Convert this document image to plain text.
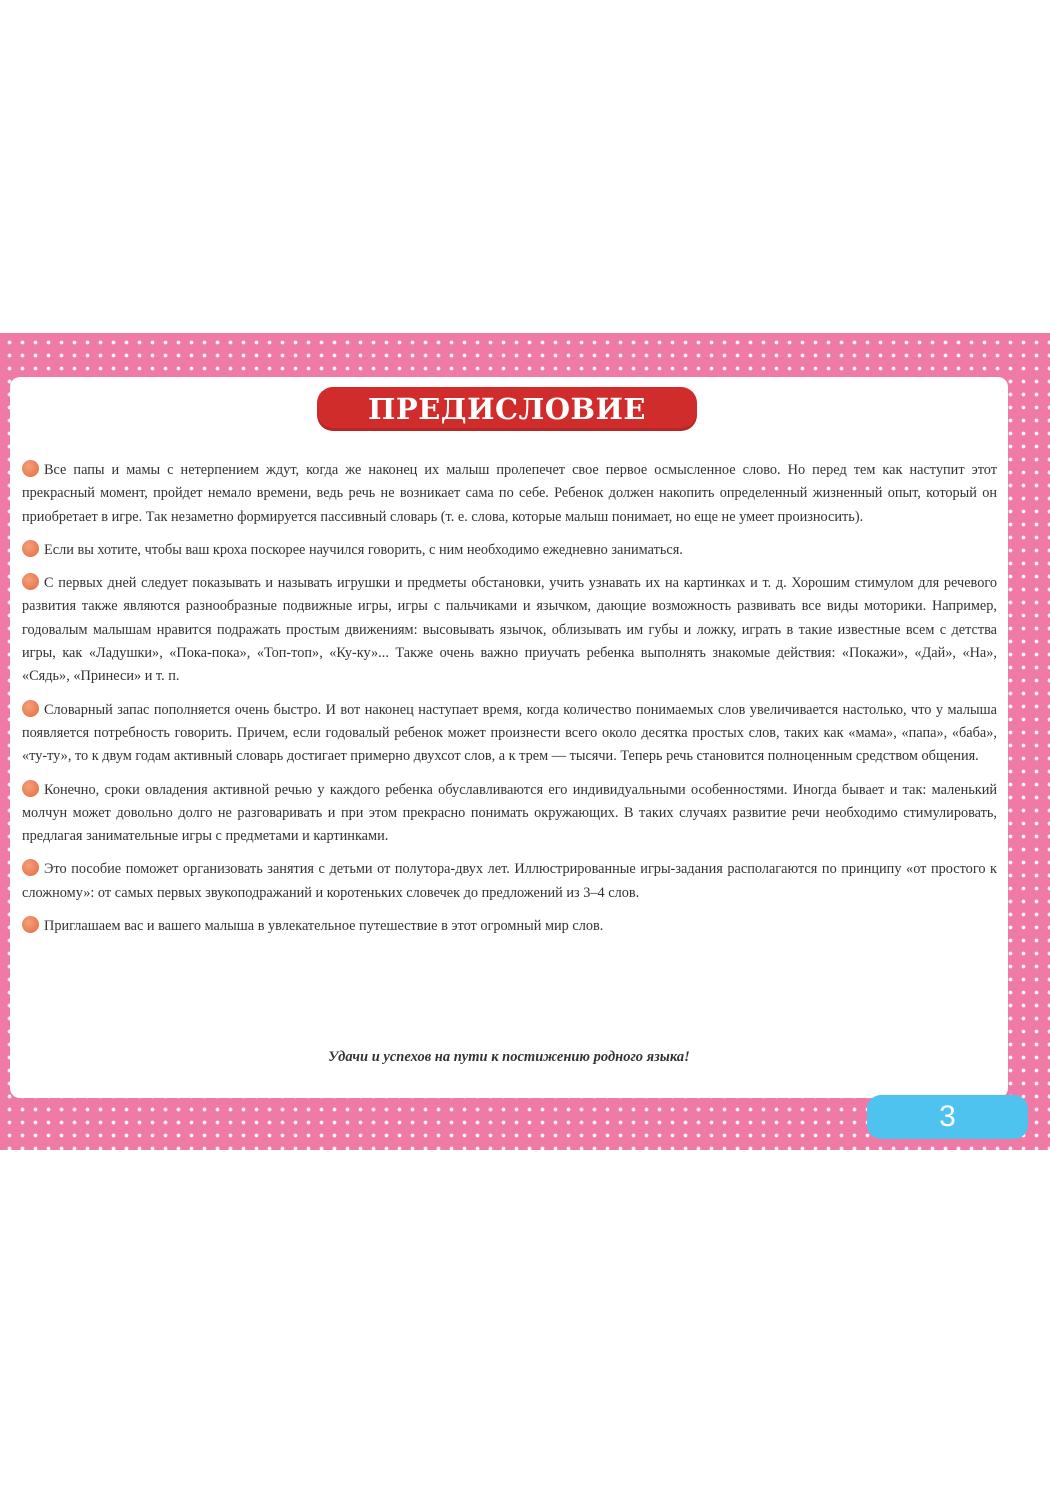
ПРЕДИСЛОВИЕ

Все папы и мамы с нетерпением ждут, когда же наконец их малыш пролепечет свое первое осмысленное слово. Но перед тем как наступит этот прекрасный момент, пройдет немало времени, ведь речь не возникает сама по себе. Ребенок должен накопить определенный жизненный опыт, который он приобретает в игре. Так незаметно формируется пассивный словарь (т. е. слова, которые малыш понимает, но еще не умеет произносить).

Если вы хотите, чтобы ваш кроха поскорее научился говорить, с ним необходимо ежедневно заниматься.

С первых дней следует показывать и называть игрушки и предметы обстановки, учить узнавать их на картинках и т. д. Хорошим стимулом для речевого развития также являются разнообразные подвижные игры, игры с пальчиками и язычком, дающие возможность развивать все виды моторики. Например, годовалым малышам нравится подражать простым движениям: высовывать язычок, облизывать им губы и ложку, играть в такие известные всем с детства игры, как «Ладушки», «Пока-пока», «Топ-топ», «Ку-ку»... Также очень важно приучать ребенка выполнять знакомые действия: «Покажи», «Дай», «На», «Сядь», «Принеси» и т. п.

Словарный запас пополняется очень быстро. И вот наконец наступает время, когда количество понимаемых слов увеличивается настолько, что у малыша появляется потребность говорить. Причем, если годовалый ребенок может произнести всего около десятка простых слов, таких как «мама», «папа», «баба», «ту-ту», то к двум годам активный словарь достигает примерно двухсот слов, а к трем — тысячи. Теперь речь становится полноценным средством общения.

Конечно, сроки овладения активной речью у каждого ребенка обуславливаются его индивидуальными особенностями. Иногда бывает и так: маленький молчун может довольно долго не разговаривать и при этом прекрасно понимать окружающих. В таких случаях развитие речи необходимо стимулировать, предлагая занимательные игры с предметами и картинками.

Это пособие поможет организовать занятия с детьми от полутора-двух лет. Иллюстрированные игры-задания располагаются по принципу «от простого к сложному»: от самых первых звукоподражаний и коротеньких словечек до предложений из 3–4 слов.

Приглашаем вас и вашего малыша в увлекательное путешествие в этот огромный мир слов.

Удачи и успехов на пути к постижению родного языка!
3
